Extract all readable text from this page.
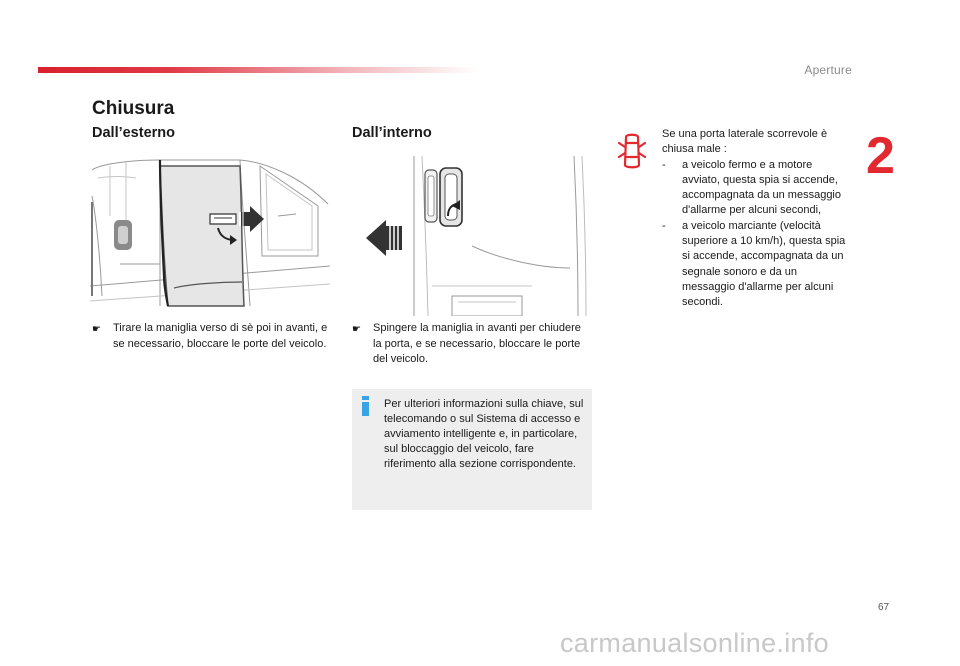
Aperture
2
Chiusura
Dall’esterno	Dall’interno
☛	Tirare la maniglia verso di sè poi in avanti, e se necessario, bloccare le porte del veicolo.
☛	Spingere la maniglia in avanti per chiudere la porta, e se necessario, bloccare le porte del veicolo.
Per ulteriori informazioni sulla chiave, sul telecomando o sul Sistema di accesso e avviamento intelligente e, in particolare, sul bloccaggio del veicolo, fare riferimento alla sezione corrispondente.
Se una porta laterale scorrevole è chiusa male :
-	a veicolo fermo e a motore avviato, questa spia si accende, accompagnata da un messaggio d'allarme per alcuni secondi,
-	a veicolo marciante (velocità superiore a 10 km/h), questa spia si accende, accompagnata da un segnale sonoro e da un messaggio d'allarme per alcuni secondi.
67
carmanualsonline.info
